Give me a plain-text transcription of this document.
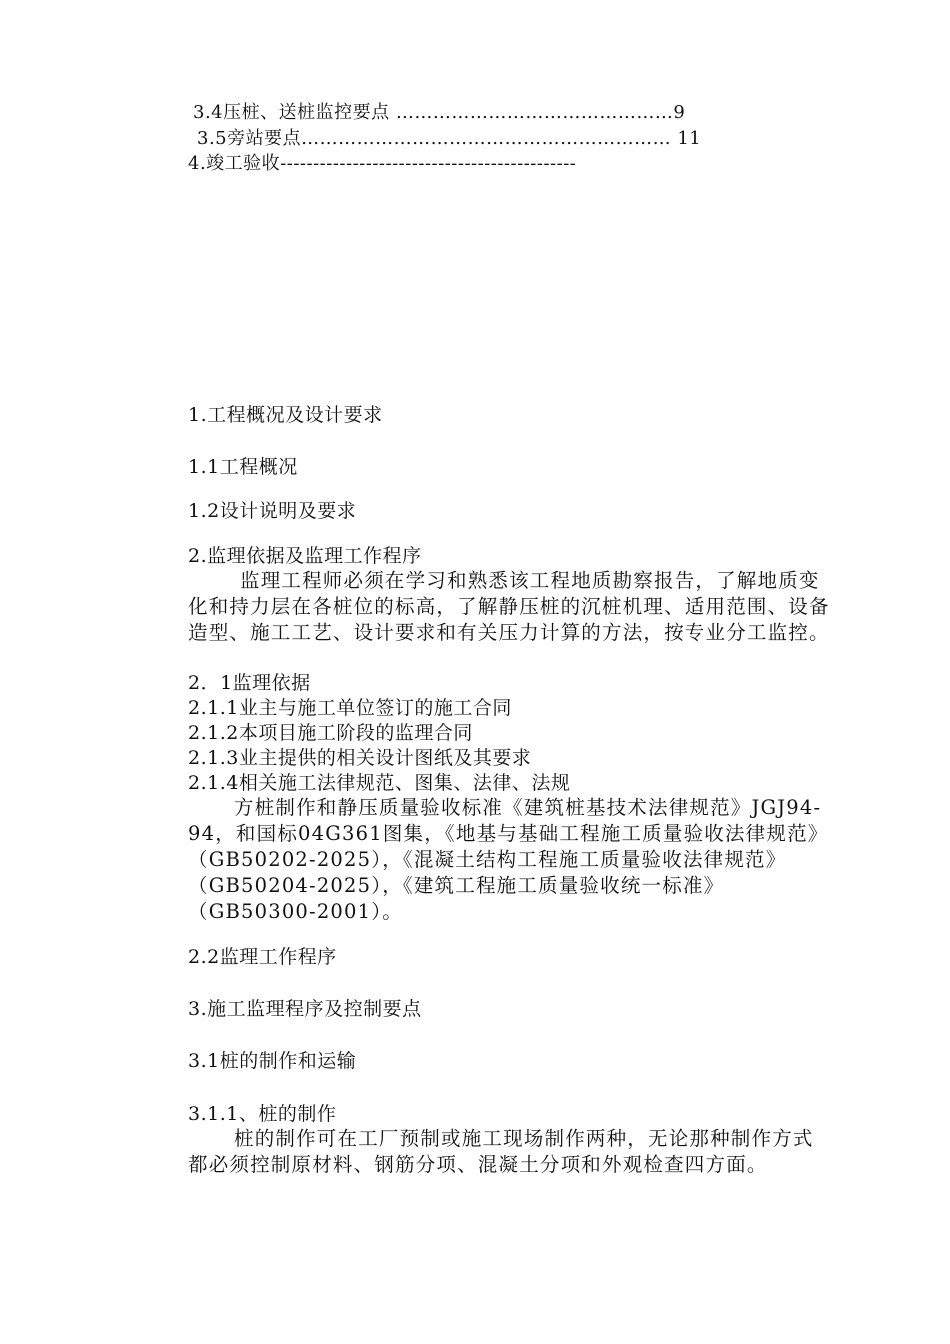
3.4压桩、送桩监控要点 ………………………………………9
3.5旁站要点…………………………………………………… 11
4.竣工验收---------------------------------------------
1.工程概况及设计要求
1.1工程概况
1.2设计说明及要求
2.监理依据及监理工作程序
监理工程师必须在学习和熟悉该工程地质勘察报告，了解地质变化和持力层在各桩位的标高，了解静压桩的沉桩机理、适用范围、设备造型、施工工艺、设计要求和有关压力计算的方法，按专业分工监控。
2．1监理依据
2.1.1业主与施工单位签订的施工合同
2.1.2本项目施工阶段的监理合同
2.1.3业主提供的相关设计图纸及其要求
2.1.4相关施工法律规范、图集、法律、法规
方桩制作和静压质量验收标准《建筑桩基技术法律规范》JGJ94-94，和国标04G361图集，《地基与基础工程施工质量验收法律规范》（GB50202-2025），《混凝土结构工程施工质量验收法律规范》（GB50204-2025），《建筑工程施工质量验收统一标准》（GB50300-2001）。
2.2监理工作程序
3.施工监理程序及控制要点
3.1桩的制作和运输
3.1.1、桩的制作
桩的制作可在工厂预制或施工现场制作两种，无论那种制作方式都必须控制原材料、钢筋分项、混凝土分项和外观检查四方面。
